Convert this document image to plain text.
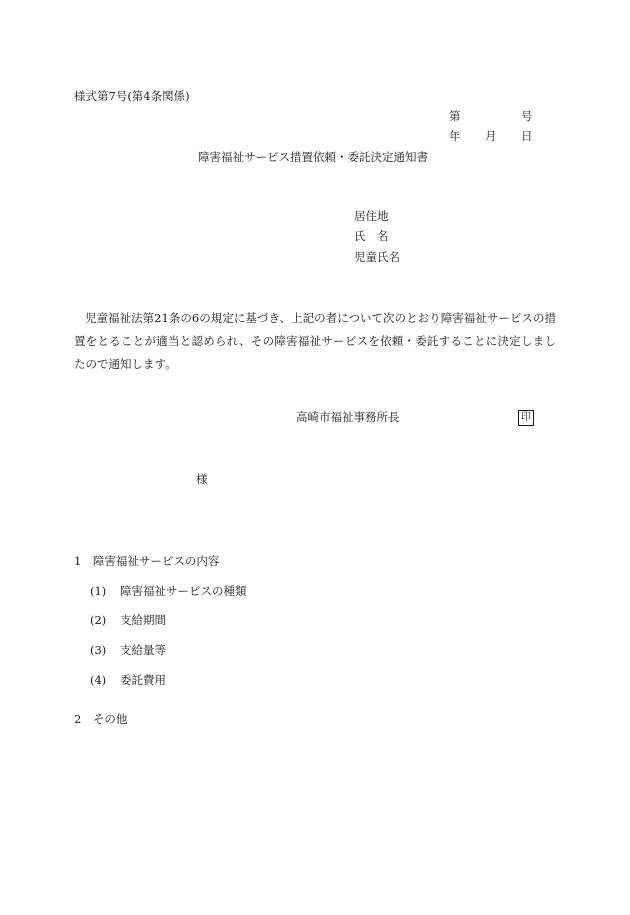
様式第7号(第4条関係)
第	号
年 月 日
障害福祉サービス措置依頼・委託決定通知書
居住地
氏　名
児童氏名
児童福祉法第21条の6の規定に基づき、上記の者について次のとおり障害福祉サービスの措置をとることが適当と認められ、その障害福祉サービスを依頼・委託することに決定しましたので通知します。
高崎市福祉事務所長	印
様
1　障害福祉サービスの内容
(1) 障害福祉サービスの種類
(2) 支給期間
(3) 支給量等
(4) 委託費用
2　その他
